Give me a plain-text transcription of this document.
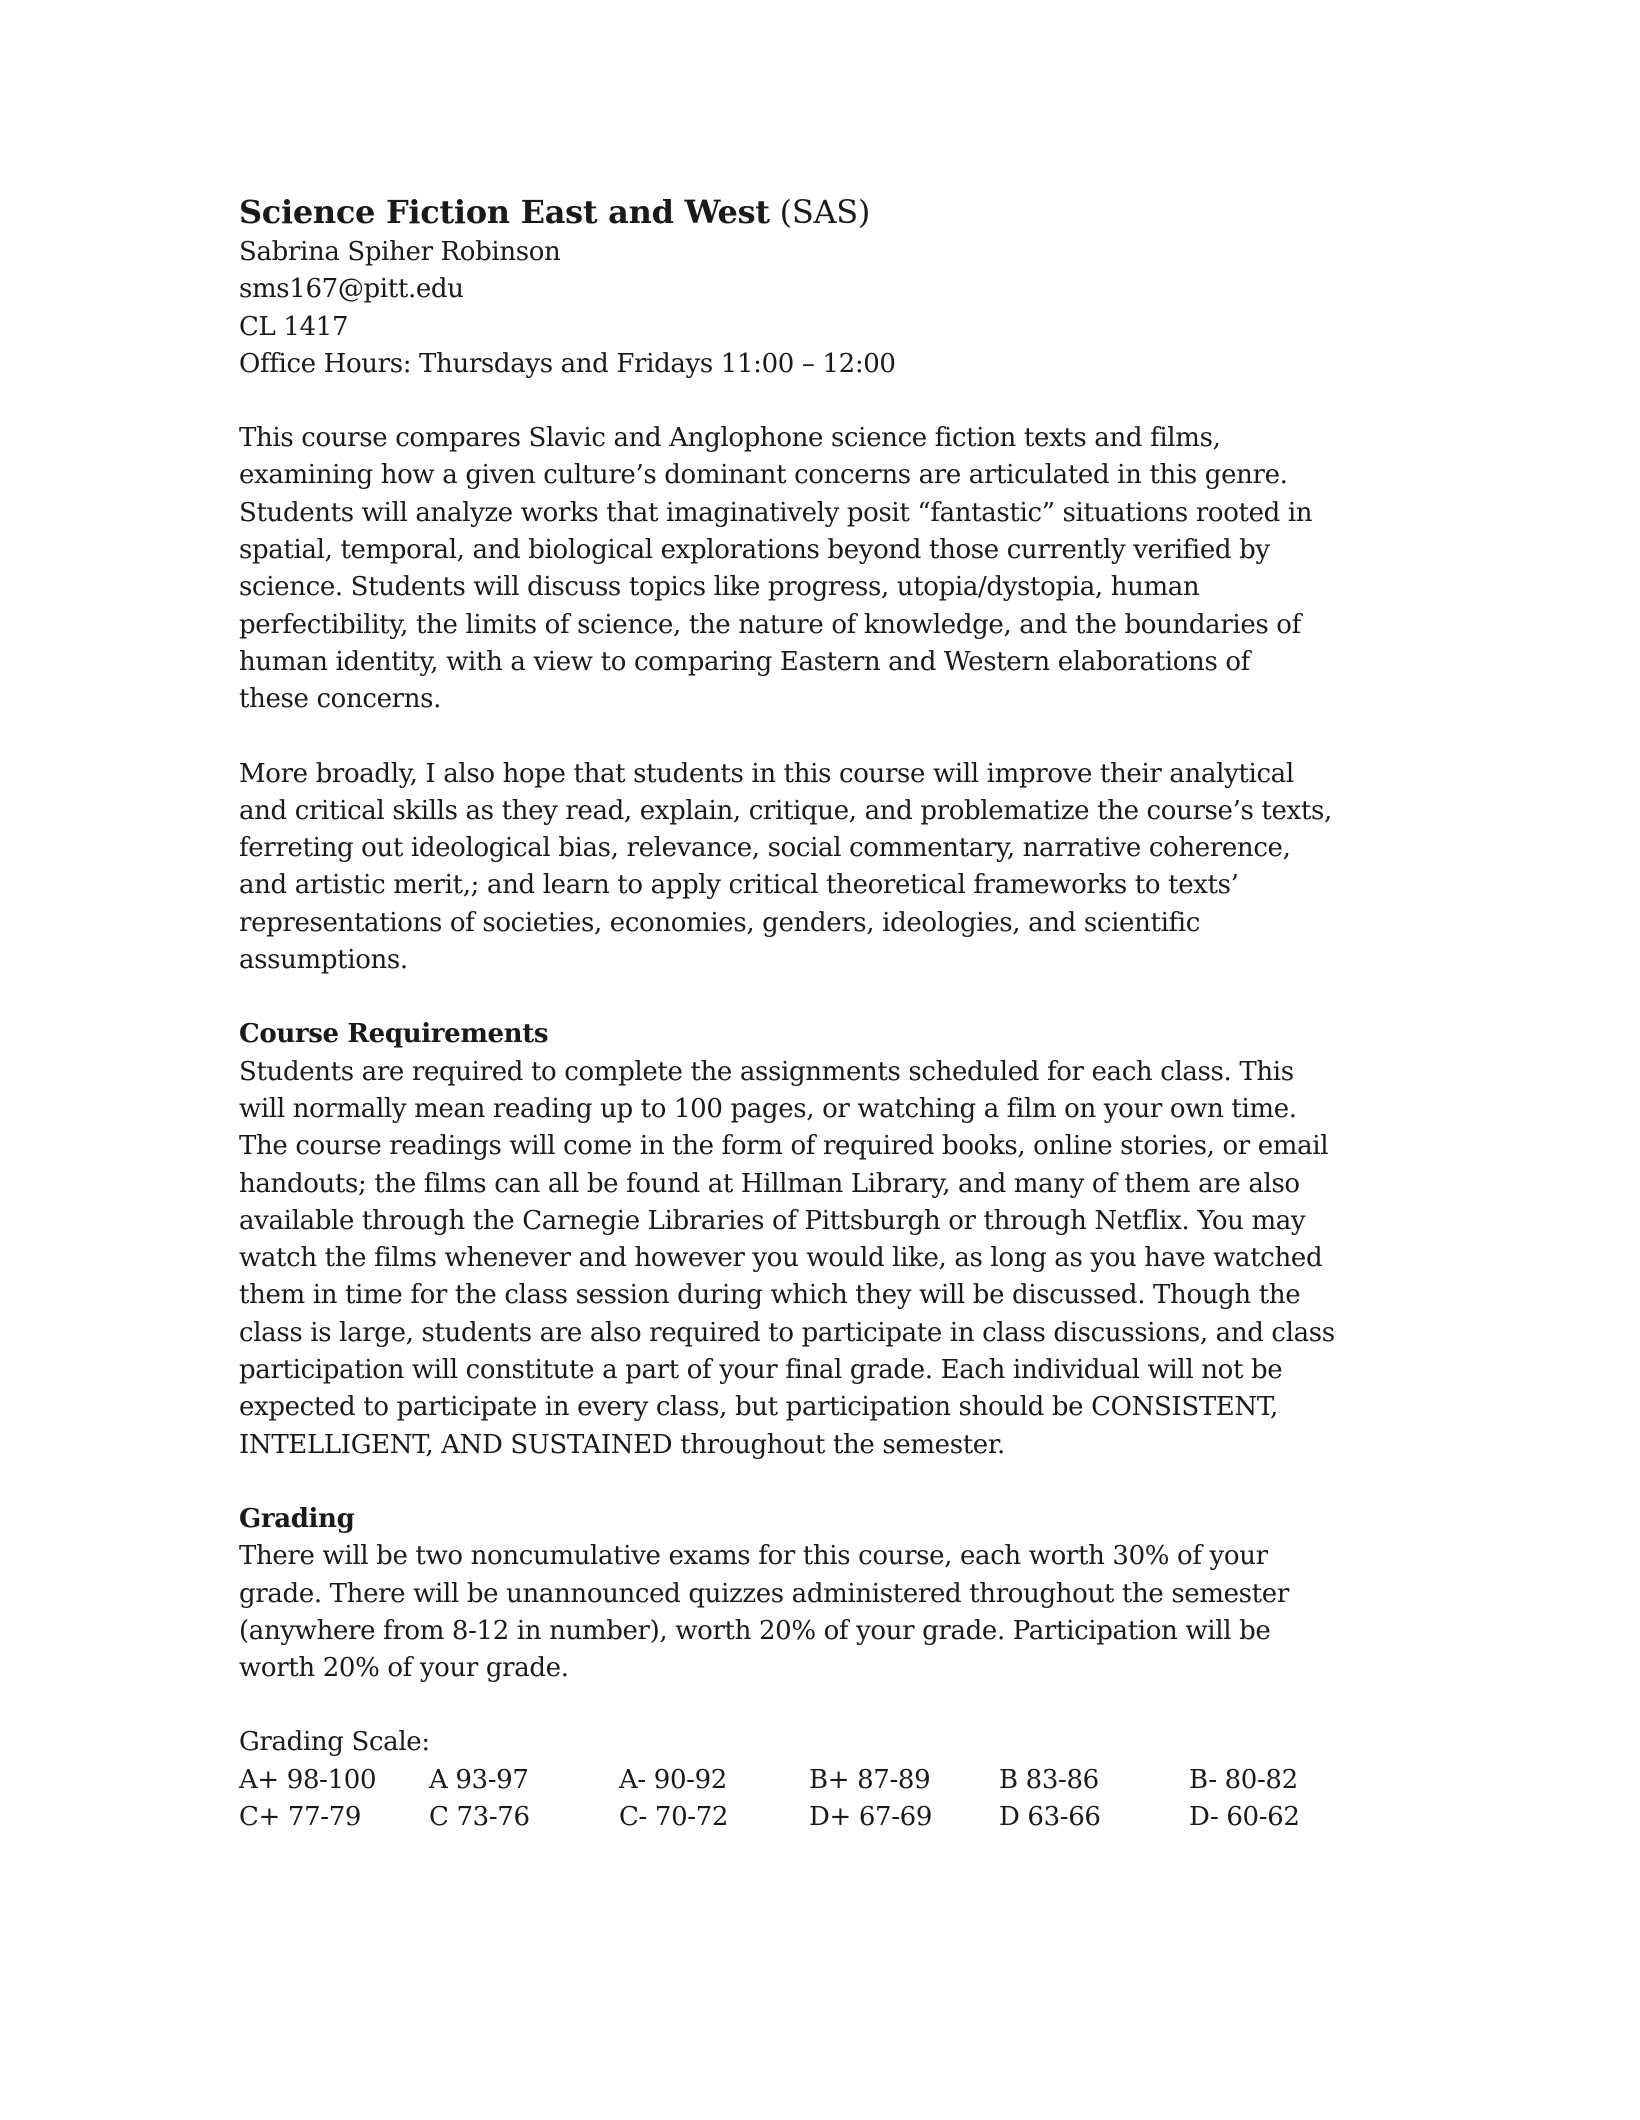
Science Fiction East and West (SAS)
Sabrina Spiher Robinson
sms167@pitt.edu
CL 1417
Office Hours: Thursdays and Fridays 11:00 – 12:00
This course compares Slavic and Anglophone science fiction texts and films,
examining how a given culture’s dominant concerns are articulated in this genre.
Students will analyze works that imaginatively posit “fantastic” situations rooted in
spatial, temporal, and biological explorations beyond those currently verified by
science. Students will discuss topics like progress, utopia/dystopia, human
perfectibility, the limits of science, the nature of knowledge, and the boundaries of
human identity, with a view to comparing Eastern and Western elaborations of
these concerns.
More broadly, I also hope that students in this course will improve their analytical
and critical skills as they read, explain, critique, and problematize the course’s texts,
ferreting out ideological bias, relevance, social commentary, narrative coherence,
and artistic merit,; and learn to apply critical theoretical frameworks to texts’
representations of societies, economies, genders, ideologies, and scientific
assumptions.
Course Requirements
Students are required to complete the assignments scheduled for each class. This
will normally mean reading up to 100 pages, or watching a film on your own time.
The course readings will come in the form of required books, online stories, or email
handouts; the films can all be found at Hillman Library, and many of them are also
available through the Carnegie Libraries of Pittsburgh or through Netflix. You may
watch the films whenever and however you would like, as long as you have watched
them in time for the class session during which they will be discussed. Though the
class is large, students are also required to participate in class discussions, and class
participation will constitute a part of your final grade. Each individual will not be
expected to participate in every class, but participation should be CONSISTENT,
INTELLIGENT, AND SUSTAINED throughout the semester.
Grading
There will be two noncumulative exams for this course, each worth 30% of your
grade. There will be unannounced quizzes administered throughout the semester
(anywhere from 8-12 in number), worth 20% of your grade. Participation will be
worth 20% of your grade.
Grading Scale:
A+ 98-100	A 93-97	A- 90-92	B+ 87-89	B 83-86	B- 80-82
C+ 77-79	C 73-76	C- 70-72	D+ 67-69	D 63-66	D- 60-62
